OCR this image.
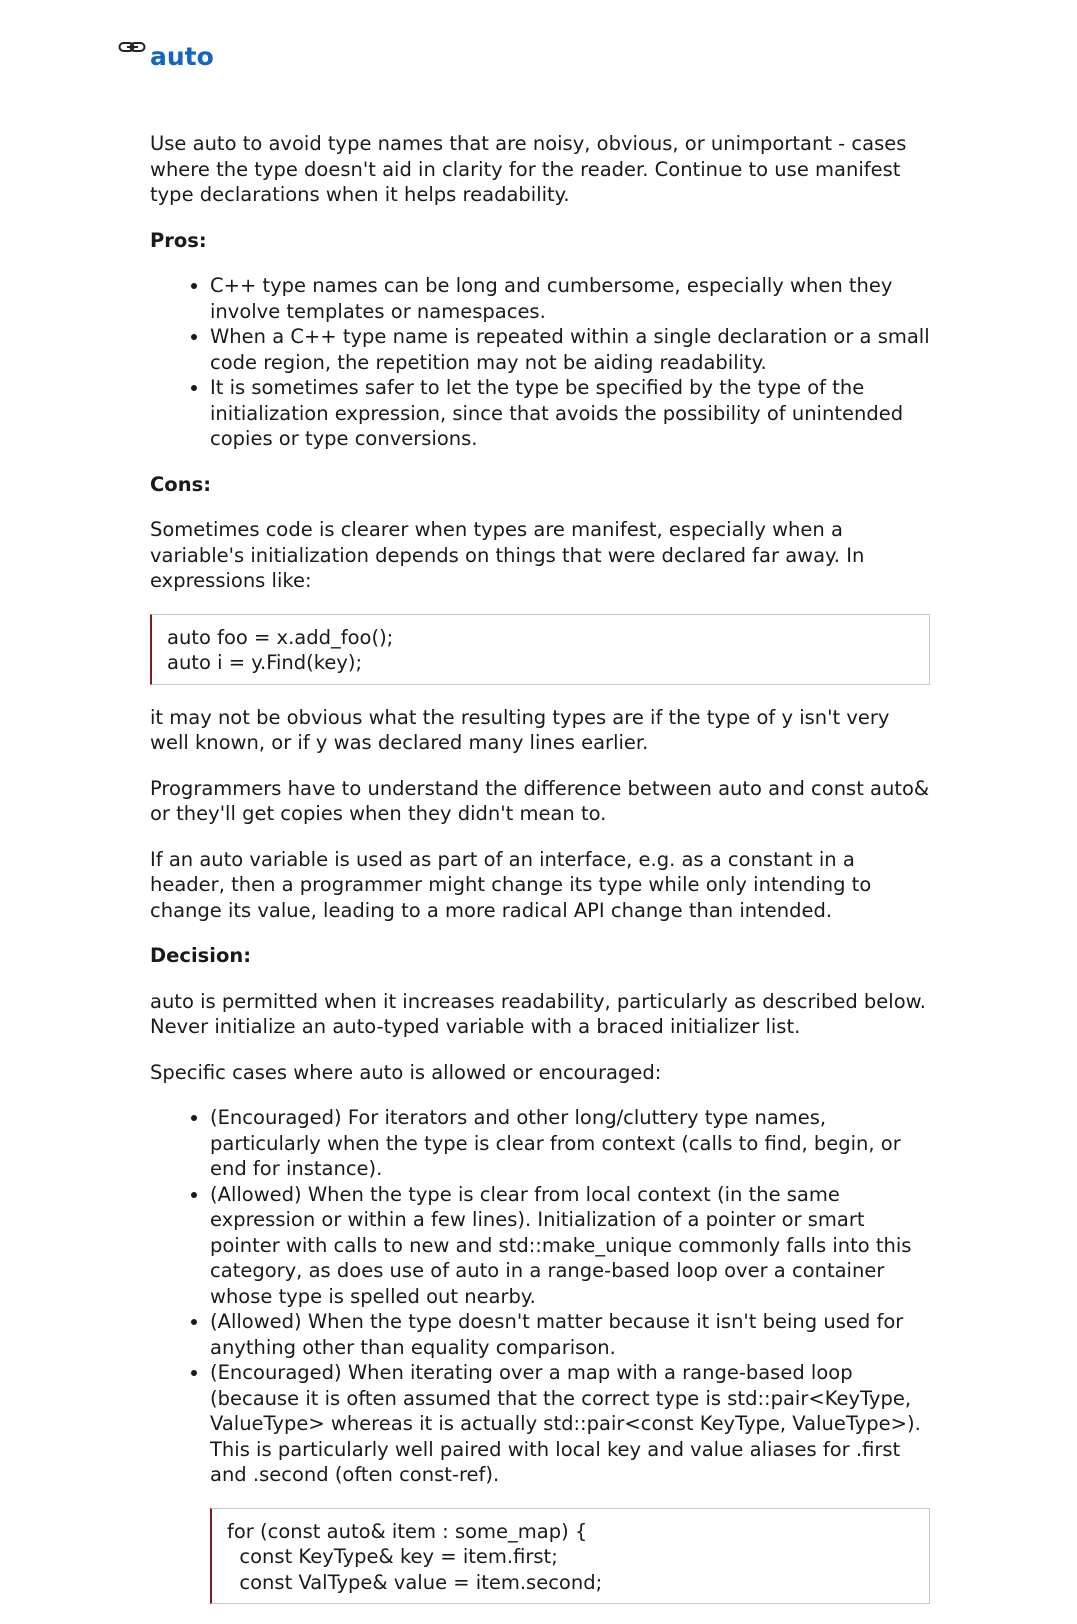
auto

Use auto to avoid type names that are noisy, obvious, or unimportant - cases where the type doesn't aid in clarity for the reader. Continue to use manifest type declarations when it helps readability.

Pros:
• C++ type names can be long and cumbersome, especially when they involve templates or namespaces.
• When a C++ type name is repeated within a single declaration or a small code region, the repetition may not be aiding readability.
• It is sometimes safer to let the type be specified by the type of the initialization expression, since that avoids the possibility of unintended copies or type conversions.
Cons:

Sometimes code is clearer when types are manifest, especially when a variable's initialization depends on things that were declared far away. In expressions like:

auto foo = x.add_foo();
auto i = y.Find(key);

it may not be obvious what the resulting types are if the type of y isn't very well known, or if y was declared many lines earlier.

Programmers have to understand the difference between auto and const auto& or they'll get copies when they didn't mean to.

If an auto variable is used as part of an interface, e.g. as a constant in a header, then a programmer might change its type while only intending to change its value, leading to a more radical API change than intended.

Decision:

auto is permitted when it increases readability, particularly as described below. Never initialize an auto-typed variable with a braced initializer list.

Specific cases where auto is allowed or encouraged:

• (Encouraged) For iterators and other long/cluttery type names, particularly when the type is clear from context (calls to find, begin, or end for instance).
• (Allowed) When the type is clear from local context (in the same expression or within a few lines). Initialization of a pointer or smart pointer with calls to new and std::make_unique commonly falls into this category, as does use of auto in a range-based loop over a container whose type is spelled out nearby.
• (Allowed) When the type doesn't matter because it isn't being used for anything other than equality comparison.
• (Encouraged) When iterating over a map with a range-based loop (because it is often assumed that the correct type is std::pair<KeyType, ValueType> whereas it is actually std::pair<const KeyType, ValueType>). This is particularly well paired with local key and value aliases for .first and .second (often const-ref).
for (const auto& item : some_map) {
const KeyType& key = item.first;
const ValType& value = item.second;
